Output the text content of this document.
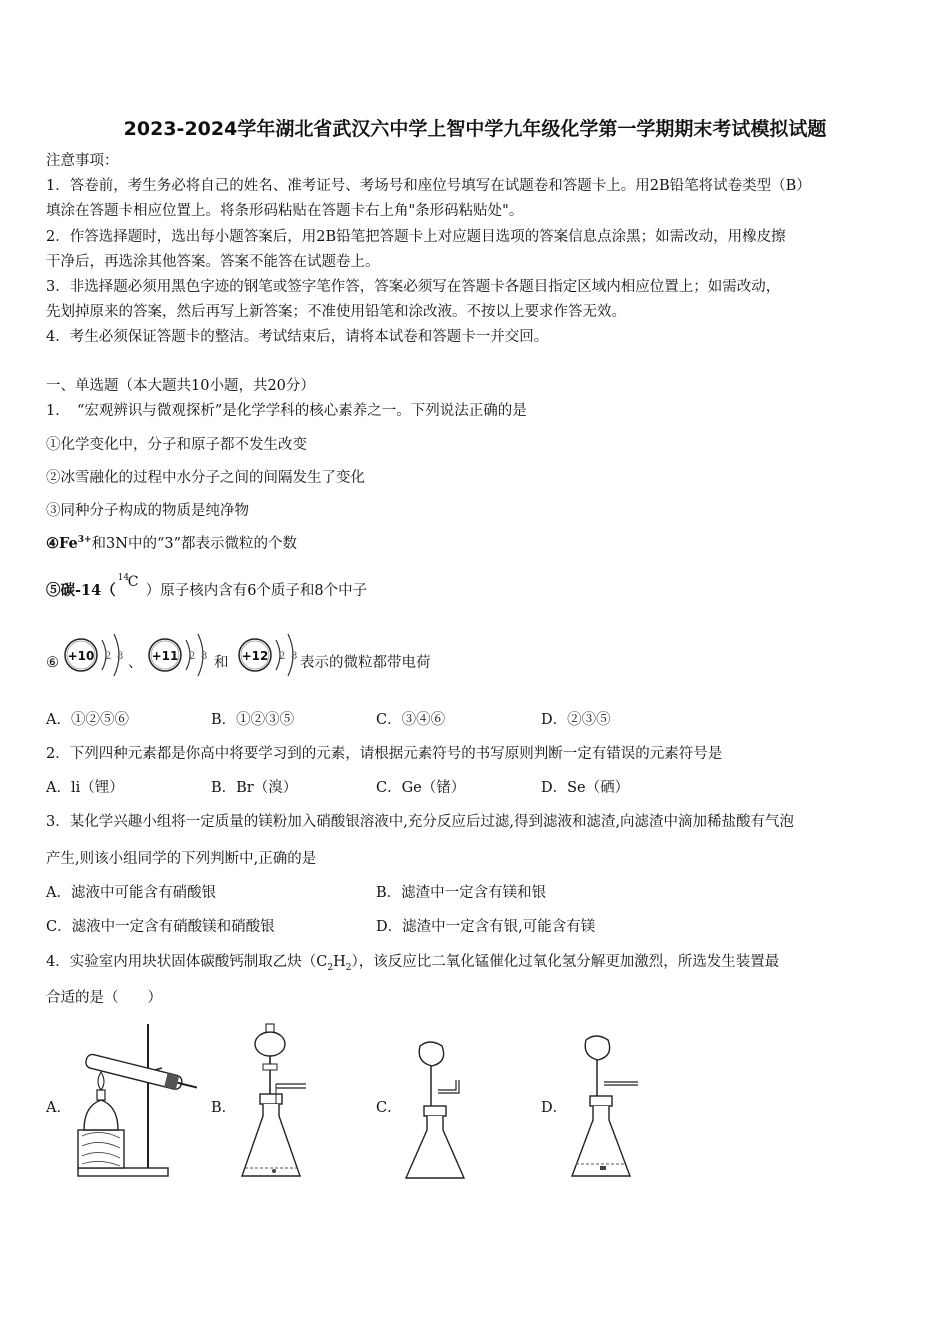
2023-2024学年湖北省武汉六中学上智中学九年级化学第一学期期末考试模拟试题
注意事项：
1．答卷前，考生务必将自己的姓名、准考证号、考场号和座位号填写在试题卷和答题卡上。用2B铅笔将试卷类型（B）
填涂在答题卡相应位置上。将条形码粘贴在答题卡右上角"条形码粘贴处"。
2．作答选择题时，选出每小题答案后，用2B铅笔把答题卡上对应题目选项的答案信息点涂黑；如需改动，用橡皮擦
干净后，再选涂其他答案。答案不能答在试题卷上。
3．非选择题必须用黑色字迹的钢笔或签字笔作答，答案必须写在答题卡各题目指定区域内相应位置上；如需改动，
先划掉原来的答案，然后再写上新答案；不准使用铅笔和涂改液。不按以上要求作答无效。
4．考生必须保证答题卡的整洁。考试结束后，请将本试卷和答题卡一并交回。
一、单选题（本大题共10小题，共20分）
1．　“宏观辨识与微观探析”是化学学科的核心素养之一。下列说法正确的是
①化学变化中，分子和原子都不发生改变
②冰雪融化的过程中水分子之间的间隔发生了变化
③同种分子构成的物质是纯净物
$④Fe^{3+}$和3N中的“3”都表示微粒的个数
⑤碳-14（
14
C
）原子核内含有6个质子和8个中子
⑥ +10 2 8 、 +11 2 8 和 +12 2 8 表示的微粒都带电荷
A．①②⑤⑥	B．①②③⑤	C．③④⑥	D．②③⑤
2．下列四种元素都是你高中将要学习到的元素，请根据元素符号的书写原则判断一定有错误的元素符号是
A．li（锂）	B．Br（溴）	C．Ge（锗）	D．Se（硒）
3．某化学兴趣小组将一定质量的镁粉加入硝酸银溶液中,充分反应后过滤,得到滤液和滤渣,向滤渣中滴加稀盐酸有气泡
产生,则该小组同学的下列判断中,正确的是
A．滤液中可能含有硝酸银	B．滤渣中一定含有镁和银
C．滤液中一定含有硝酸镁和硝酸银	D．滤渣中一定含有银,可能含有镁
4．实验室内用块状固体碳酸钙制取乙炔$(C_2H_2)$，该反应比二氧化锰催化过氧化氢分解更加激烈，所选发生装置最
合适的是（　　）
A．	B．	C．	D．
